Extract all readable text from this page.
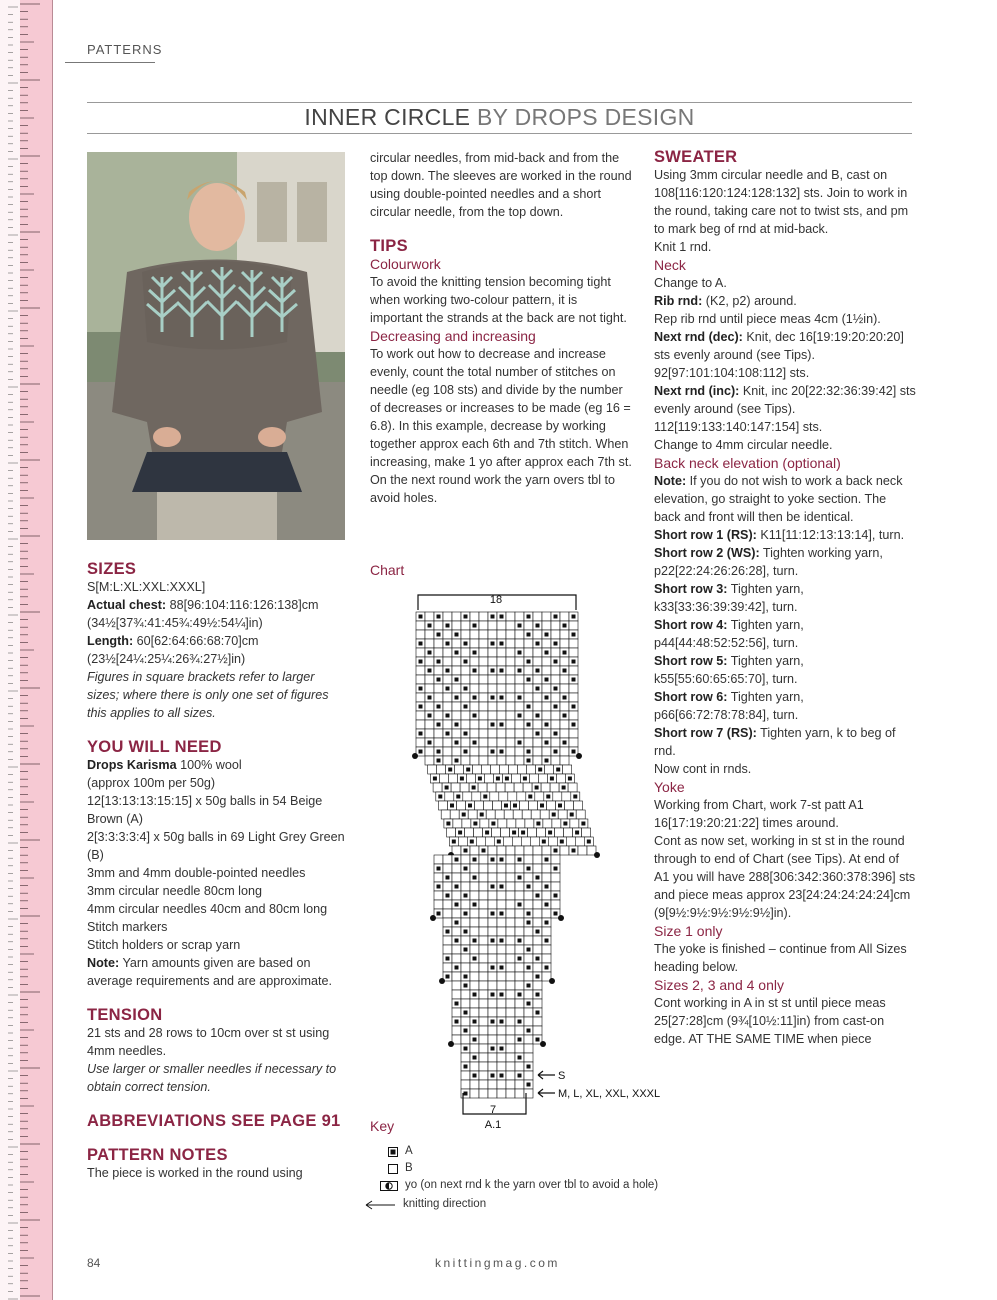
PATTERNS
INNER CIRCLE BY DROPS DESIGN
SIZES

S[M:L:XL:XXL:XXXL]

Actual chest: 88[96:104:116:126:138]cm

(34½[37¾:41:45¾:49½:54¼]in)

Length: 60[62:64:66:68:70]cm

(23½[24¼:25¼:26¾:27½]in)

Figures in square brackets refer to larger sizes; where there is only one set of figures this applies to all sizes.

YOU WILL NEED

Drops Karisma 100% wool

(approx 100m per 50g)

12[13:13:13:15:15] x 50g balls in 54 Beige Brown (A)

2[3:3:3:3:4] x 50g balls in 69 Light Grey Green (B)

3mm and 4mm double-pointed needles

3mm circular needle 80cm long

4mm circular needles 40cm and 80cm long

Stitch markers

Stitch holders or scrap yarn

Note: Yarn amounts given are based on average requirements and are approximate.

TENSION

21 sts and 28 rows to 10cm over st st using 4mm needles.

Use larger or smaller needles if necessary to obtain correct tension.

ABBREVIATIONS SEE PAGE 91
PATTERN NOTES

The piece is worked in the round using

circular needles, from mid-back and from the top down. The sleeves are worked in the round using double-pointed needles and a short circular needle, from the top down.

TIPS

Colourwork

To avoid the knitting tension becoming tight when working two-colour pattern, it is important the strands at the back are not tight.

Decreasing and increasing

To work out how to decrease and increase evenly, count the total number of stitches on needle (eg 108 sts) and divide by the number of decreases or increases to be made (eg 16 = 6.8). In this example, decrease by working together approx each 6th and 7th stitch. When increasing, make 1 yo after approx each 7th st. On the next round work the yarn overs tbl to avoid holes.

Chart
18
7
A.1
S
M, L, XL, XXL, XXXL
Key
A
B
yo (on next rnd k the yarn over tbl to avoid a hole)
knitting direction
SWEATER

Using 3mm circular needle and B, cast on 108[116:120:124:128:132] sts. Join to work in the round, taking care not to twist sts, and pm to mark beg of rnd at mid-back.

Knit 1 rnd.

Neck

Change to A.

Rib rnd: (K2, p2) around.

Rep rib rnd until piece meas 4cm (1½in).

Next rnd (dec): Knit, dec 16[19:19:20:20:20] sts evenly around (see Tips). 92[97:101:104:108:112] sts.

Next rnd (inc): Knit, inc 20[22:32:36:39:42] sts evenly around (see Tips). 112[119:133:140:147:154] sts.

Change to 4mm circular needle.

Back neck elevation (optional)

Note: If you do not wish to work a back neck elevation, go straight to yoke section. The back and front will then be identical.

Short row 1 (RS): K11[11:12:13:13:14], turn.

Short row 2 (WS): Tighten working yarn, p22[22:24:26:26:28], turn.

Short row 3: Tighten yarn, k33[33:36:39:39:42], turn.

Short row 4: Tighten yarn, p44[44:48:52:52:56], turn.

Short row 5: Tighten yarn, k55[55:60:65:65:70], turn.

Short row 6: Tighten yarn, p66[66:72:78:78:84], turn.

Short row 7 (RS): Tighten yarn, k to beg of rnd.

Now cont in rnds.

Yoke

Working from Chart, work 7-st patt A1 16[17:19:20:21:22] times around.

Cont as now set, working in st st in the round through to end of Chart (see Tips). At end of A1 you will have 288[306:342:360:378:396] sts and piece meas approx 23[24:24:24:24:24]cm (9[9½:9½:9½:9½:9½]in).

Size 1 only

The yoke is finished – continue from All Sizes heading below.

Sizes 2, 3 and 4 only

Cont working in A in st st until piece meas 25[27:28]cm (9¾[10½:11]in) from cast-on edge. AT THE SAME TIME when piece

84	knittingmag.com
